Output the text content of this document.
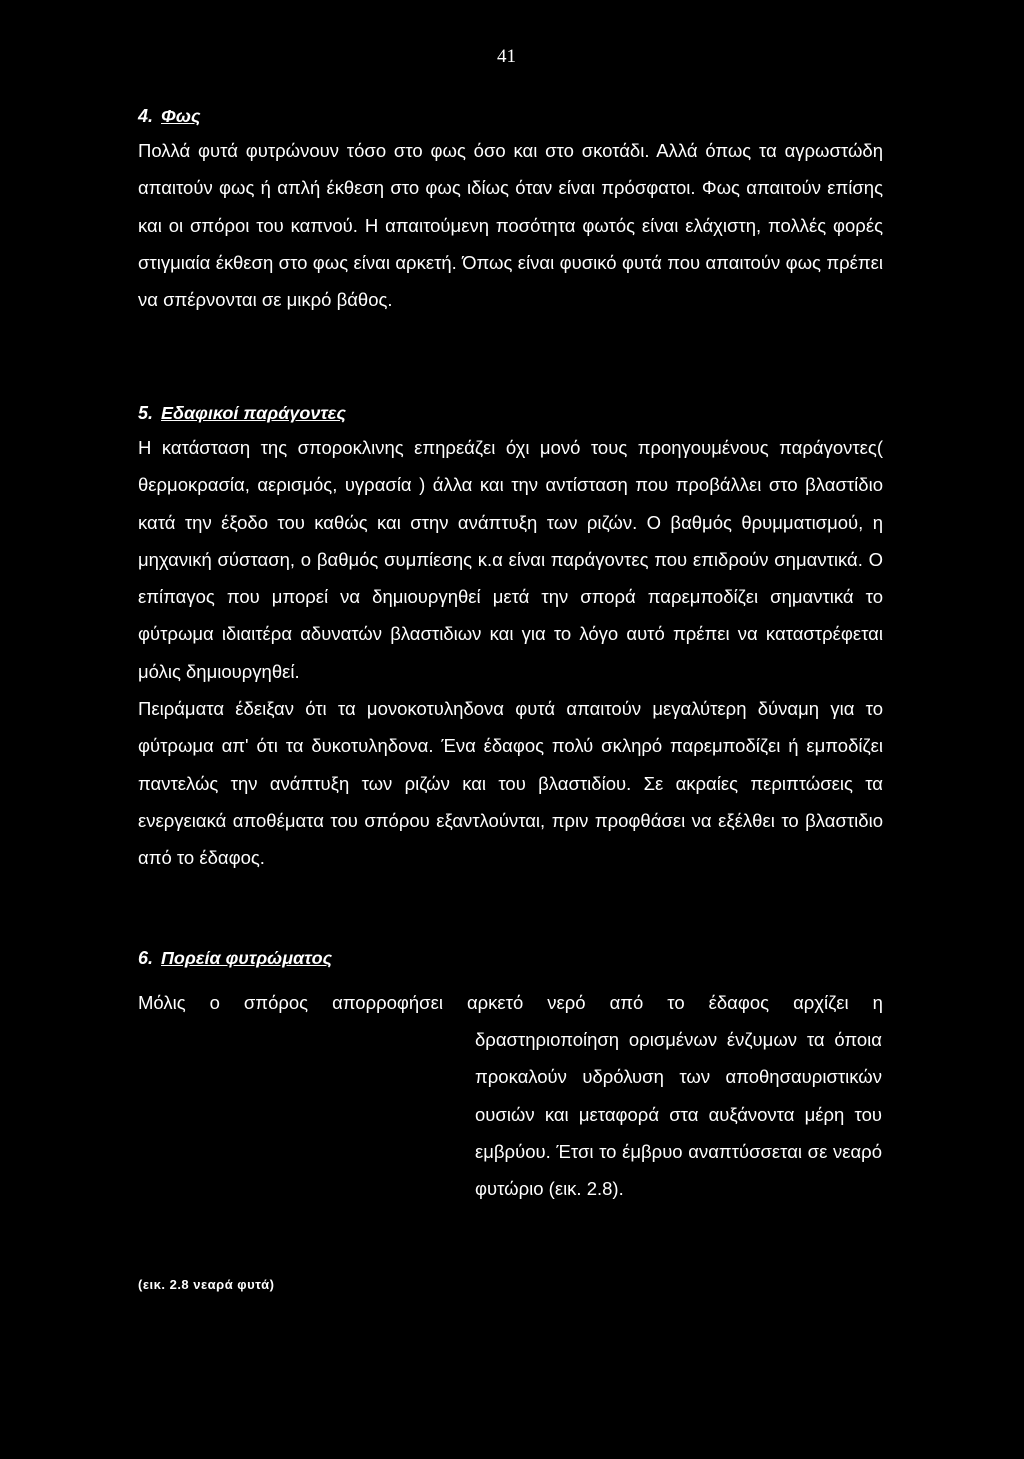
41
4. Φως

Πολλά φυτά φυτρώνουν τόσο στο φως όσο και στο σκοτάδι. Αλλά όπως τα αγρωστώδη απαιτούν φως ή απλή έκθεση στο φως ιδίως όταν είναι πρόσφατοι. Φως απαιτούν επίσης και οι σπόροι του καπνού. Η απαιτούμενη ποσότητα φωτός είναι ελάχιστη, πολλές φορές στιγμιαία έκθεση στο φως είναι αρκετή. Όπως είναι φυσικό φυτά που απαιτούν φως πρέπει να σπέρνονται σε μικρό βάθος.

5. Εδαφικοί παράγοντες

Η κατάσταση της σποροκλινης επηρεάζει όχι μονό τους προηγουμένους παράγοντες( θερμοκρασία, αερισμός, υγρασία ) άλλα και την αντίσταση που προβάλλει στο βλαστίδιο κατά την έξοδο του καθώς και στην ανάπτυξη των ριζών. Ο βαθμός θρυμματισμού, η μηχανική σύσταση, ο βαθμός συμπίεσης κ.α είναι παράγοντες που επιδρούν σημαντικά. Ο επίπαγος που μπορεί να δημιουργηθεί μετά την σπορά παρεμποδίζει σημαντικά το φύτρωμα ιδιαιτέρα αδυνατών βλαστιδιων και για το λόγο αυτό πρέπει να καταστρέφεται μόλις δημιουργηθεί.

Πειράματα έδειξαν ότι τα μονοκοτυληδονα φυτά απαιτούν μεγαλύτερη δύναμη για το φύτρωμα απ' ότι τα δυκοτυληδονα. Ένα έδαφος πολύ σκληρό παρεμποδίζει ή εμποδίζει παντελώς την ανάπτυξη των ριζών και του βλαστιδίου. Σε ακραίες περιπτώσεις τα ενεργειακά αποθέματα του σπόρου εξαντλούνται, πριν προφθάσει να εξέλθει το βλαστιδιο από το έδαφος.

6. Πορεία φυτρώματος
Μόλις ο σπόρος απορροφήσει αρκετό νερό από το έδαφος αρχίζει η

δραστηριοποίηση ορισμένων ένζυμων τα όποια προκαλούν υδρόλυση των αποθησαυριστικών ουσιών και μεταφορά στα αυξάνοντα μέρη του εμβρύου. Έτσι το έμβρυο αναπτύσσεται σε νεαρό φυτώριο (εικ. 2.8).

(εικ. 2.8 νεαρά φυτά)
